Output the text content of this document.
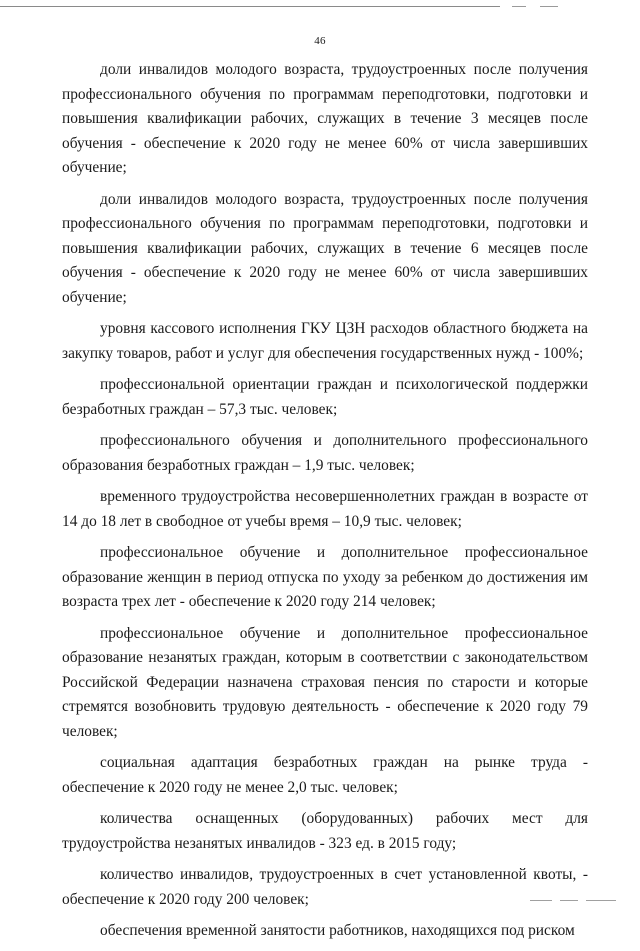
46

доли инвалидов молодого возраста, трудоустроенных после получения профессионального обучения по программам переподготовки, подготовки и повышения квалификации рабочих, служащих в течение 3 месяцев после обучения - обеспечение к 2020 году не менее 60% от числа завершивших обучение;

доли инвалидов молодого возраста, трудоустроенных после получения профессионального обучения по программам переподготовки, подготовки и повышения квалификации рабочих, служащих в течение 6 месяцев после обучения - обеспечение к 2020 году не менее 60% от числа завершивших обучение;

уровня кассового исполнения ГКУ ЦЗН расходов областного бюджета на закупку товаров, работ и услуг для обеспечения государственных нужд - 100%;

профессиональной ориентации граждан и психологической поддержки безработных граждан – 57,3 тыс. человек;

профессионального обучения и дополнительного профессионального образования безработных граждан – 1,9 тыс. человек;

временного трудоустройства несовершеннолетних граждан в возрасте от 14 до 18 лет в свободное от учебы время – 10,9 тыс. человек;

профессиональное обучение и дополнительное профессиональное образование женщин в период отпуска по уходу за ребенком до достижения им возраста трех лет - обеспечение к 2020 году 214 человек;

профессиональное обучение и дополнительное профессиональное образование незанятых граждан, которым в соответствии с законодательством Российской Федерации назначена страховая пенсия по старости и которые стремятся возобновить трудовую деятельность - обеспечение к 2020 году 79 человек;

социальная адаптация безработных граждан на рынке труда - обеспечение к 2020 году не менее 2,0 тыс. человек;

количества оснащенных (оборудованных) рабочих мест для трудоустройства незанятых инвалидов - 323 ед. в 2015 году;

количество инвалидов, трудоустроенных в счет установленной квоты, - обеспечение к 2020 году 200 человек;

обеспечения временной занятости работников, находящихся под риском
